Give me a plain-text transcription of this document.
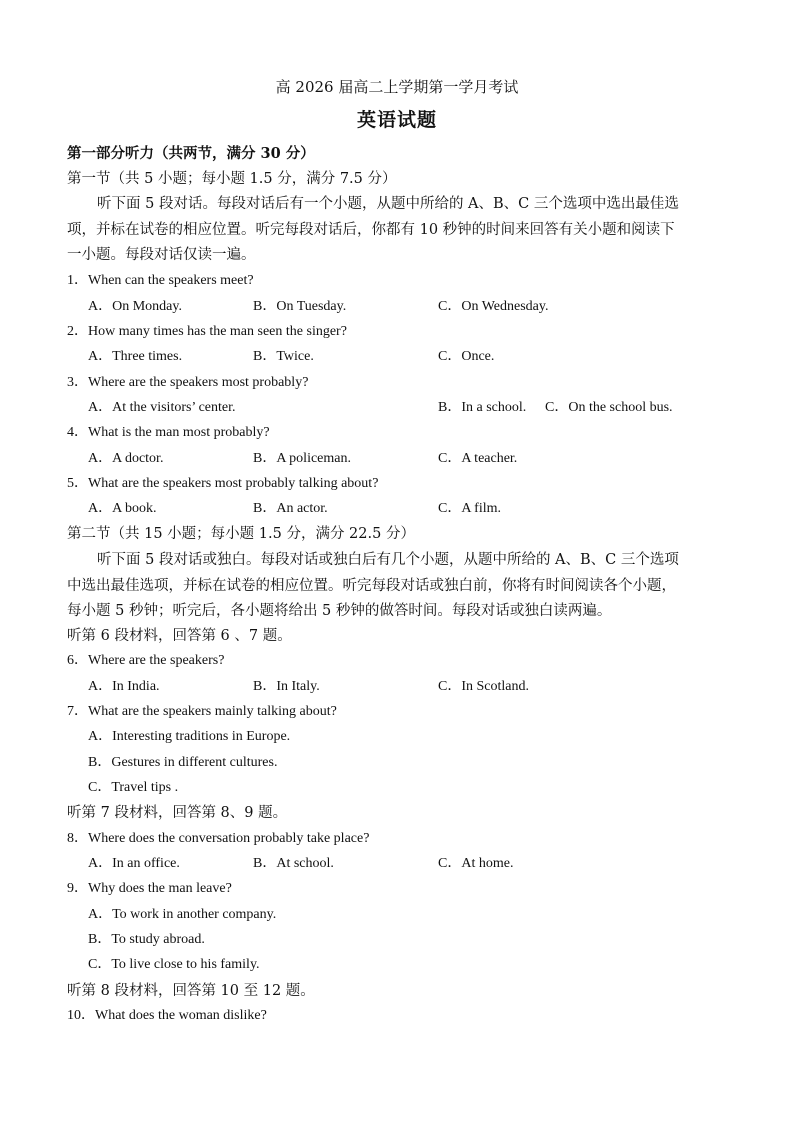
高 2026 届高二上学期第一学月考试
英语试题
第一部分听力（共两节，满分 30 分）
第一节（共 5 小题；每小题 1.5 分，满分 7.5 分）
听下面 5 段对话。每段对话后有一个小题，从题中所给的 A、B、C 三个选项中选出最佳选
项，并标在试卷的相应位置。听完每段对话后，你都有 10 秒钟的时间来回答有关小题和阅读下
一小题。每段对话仅读一遍。
1．When can the speakers meet?
A．On Monday.	B．On Tuesday.	C．On Wednesday.
2．How many times has the man seen the singer?
A．Three times.	B．Twice.	C．Once.
3．Where are the speakers most probably?
A．At the visitors’ center.	B．In a school. C．On the school bus.
4．What is the man most probably?
A．A doctor.	B．A policeman.	C．A teacher.
5．What are the speakers most probably talking about?
A．A book.	B．An actor.	C．A film.
第二节（共 15 小题；每小题 1.5 分，满分 22.5 分）
听下面 5 段对话或独白。每段对话或独白后有几个小题，从题中所给的 A、B、C 三个选项
中选出最佳选项，并标在试卷的相应位置。听完每段对话或独白前，你将有时间阅读各个小题，
每小题 5 秒钟；听完后，各小题将给出 5 秒钟的做答时间。每段对话或独白读两遍。
听第 6 段材料，回答第 6 、7 题。
6．Where are the speakers?
A．In India.	B．In Italy.	C．In Scotland.
7．What are the speakers mainly talking about?
A．Interesting traditions in Europe.
B．Gestures in different cultures.
C．Travel tips .
听第 7 段材料，回答第 8、9 题。
8．Where does the conversation probably take place?
A．In an office.	B．At school.	C．At home.
9．Why does the man leave?
A．To work in another company.
B．To study abroad.
C．To live close to his family.
听第 8 段材料，回答第 10 至 12 题。
10．What does the woman dislike?
